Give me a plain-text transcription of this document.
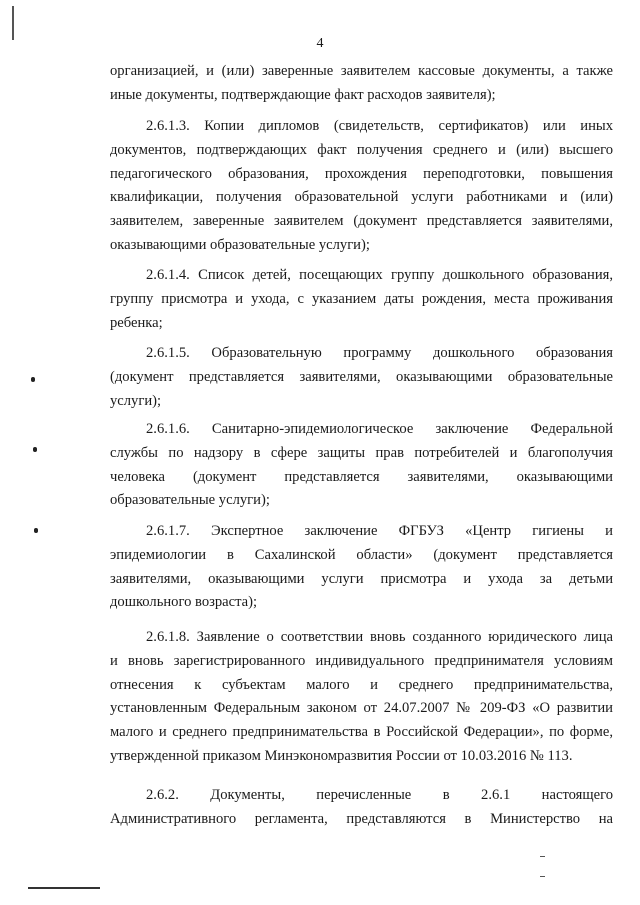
4
организацией, и (или) заверенные заявителем кассовые документы, а также
иные документы, подтверждающие факт расходов заявителя);
2.6.1.3. Копии дипломов (свидетельств, сертификатов) или иных
документов, подтверждающих факт получения среднего и (или) высшего
педагогического образования, прохождения переподготовки, повышения
квалификации, получения образовательной услуги работниками и (или)
заявителем, заверенные заявителем (документ представляется заявителями,
оказывающими образовательные услуги);
2.6.1.4. Список детей, посещающих группу дошкольного образования,
группу присмотра и ухода, с указанием даты рождения, места проживания
ребенка;
2.6.1.5. Образовательную программу дошкольного образования
(документ представляется заявителями, оказывающими образовательные
услуги);
2.6.1.6. Санитарно-эпидемиологическое заключение Федеральной
службы по надзору в сфере защиты прав потребителей и благополучия
человека (документ представляется заявителями, оказывающими
образовательные услуги);
2.6.1.7. Экспертное заключение ФГБУЗ «Центр гигиены и
эпидемиологии в Сахалинской области» (документ представляется
заявителями, оказывающими услуги присмотра и ухода за детьми
дошкольного возраста);
2.6.1.8. Заявление о соответствии вновь созданного юридического лица
и вновь зарегистрированного индивидуального предпринимателя условиям
отнесения к субъектам малого и среднего предпринимательства,
установленным Федеральным законом от 24.07.2007 № 209-ФЗ «О развитии
малого и среднего предпринимательства в Российской Федерации», по форме,
утвержденной приказом Минэкономразвития России от 10.03.2016 № 113.
2.6.2. Документы, перечисленные в 2.6.1 настоящего
Административного регламента, представляются в Министерство на
